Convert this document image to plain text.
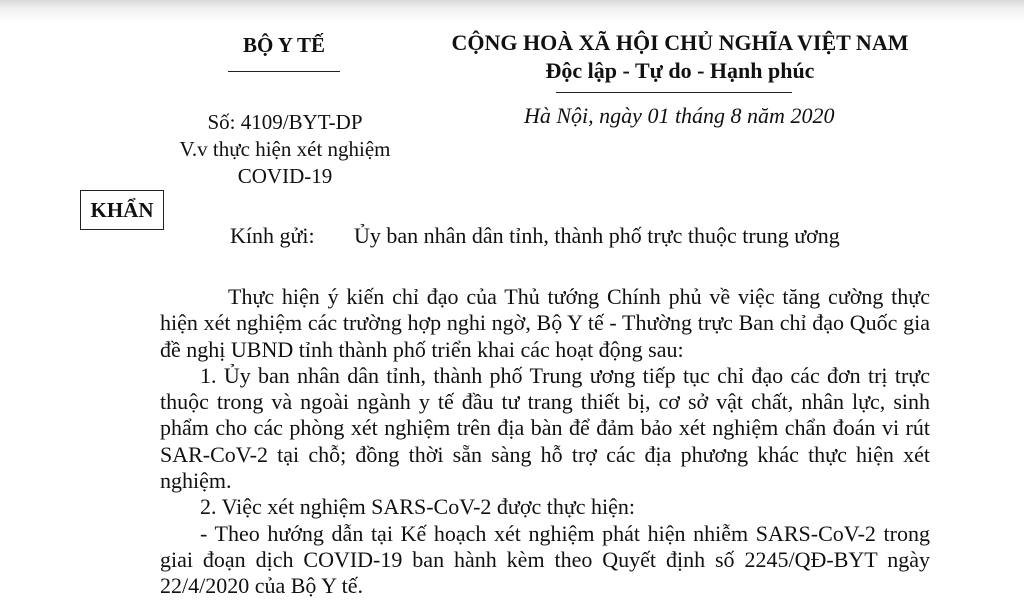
BỘ Y TẾ	CỘNG HOÀ XÃ HỘI CHỦ NGHĨA VIỆT NAM
Độc lập - Tự do - Hạnh phúc
Số: 4109/BYT-DP
V.v thực hiện xét nghiệm COVID-19
Hà Nội, ngày 01 tháng 8 năm 2020
KHẨN
Kính gửi: Ủy ban nhân dân tỉnh, thành phố trực thuộc trung ương

Thực hiện ý kiến chỉ đạo của Thủ tướng Chính phủ về việc tăng cường thực hiện xét nghiệm các trường hợp nghi ngờ, Bộ Y tế - Thường trực Ban chỉ đạo Quốc gia đề nghị UBND tỉnh thành phố triển khai các hoạt động sau:

1. Ủy ban nhân dân tỉnh, thành phố Trung ương tiếp tục chỉ đạo các đơn trị trực thuộc trong và ngoài ngành y tế đầu tư trang thiết bị, cơ sở vật chất, nhân lực, sinh phẩm cho các phòng xét nghiệm trên địa bàn để đảm bảo xét nghiệm chẩn đoán vi rút SAR-CoV-2 tại chỗ; đồng thời sẵn sàng hỗ trợ các địa phương khác thực hiện xét nghiệm.

2. Việc xét nghiệm SARS-CoV-2 được thực hiện:

- Theo hướng dẫn tại Kế hoạch xét nghiệm phát hiện nhiễm SARS-CoV-2 trong giai đoạn dịch COVID-19 ban hành kèm theo Quyết định số 2245/QĐ-BYT ngày 22/4/2020 của Bộ Y tế.
